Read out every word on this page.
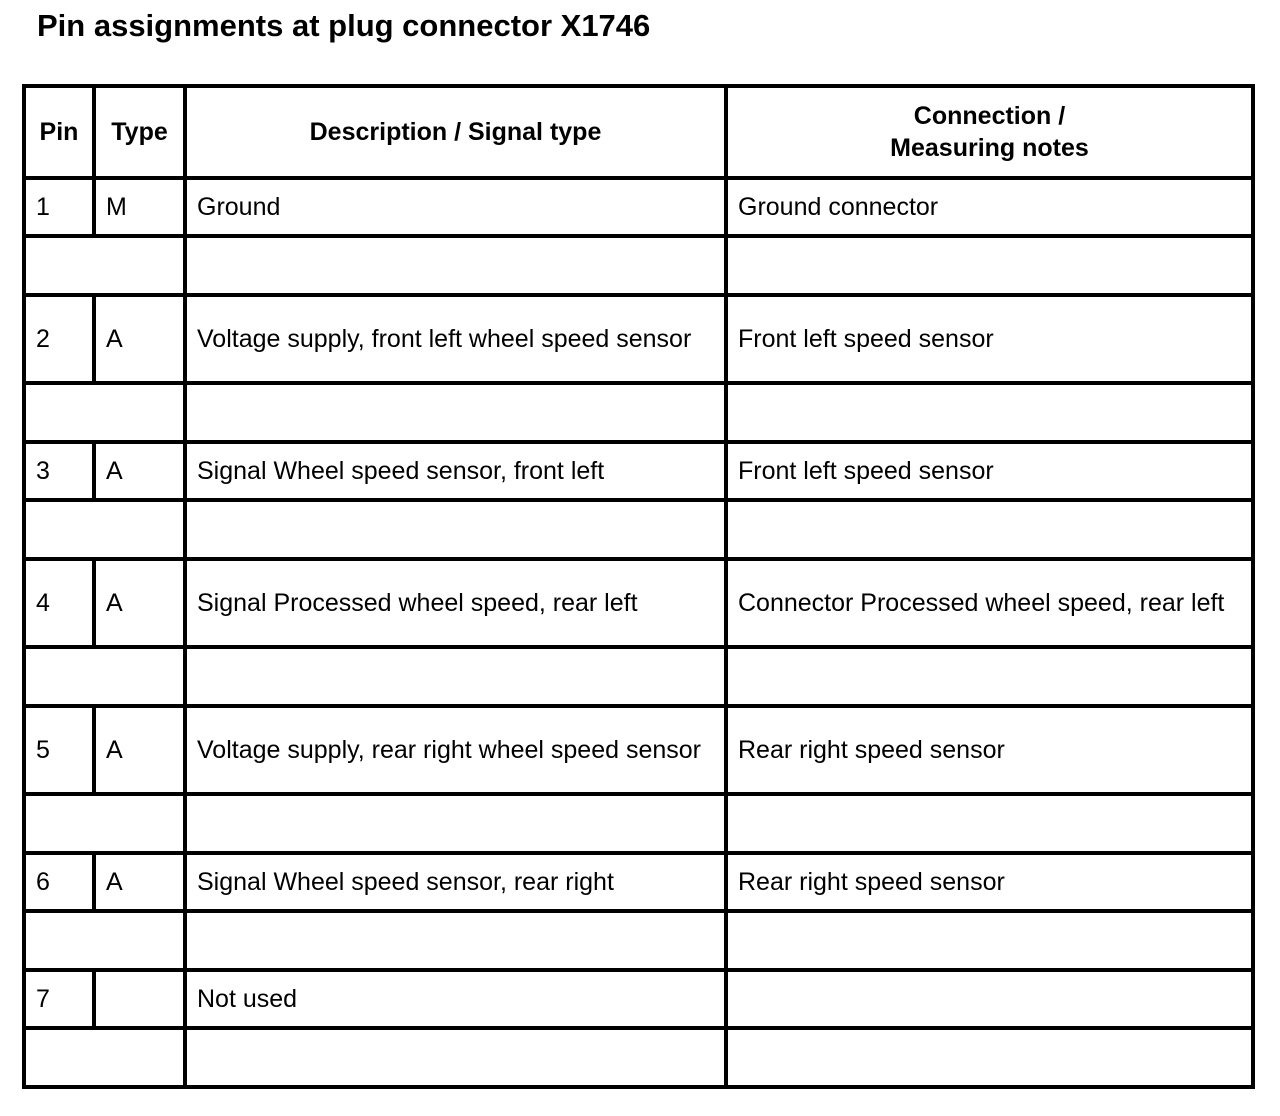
Pin assignments at plug connector X1746
Pin	Type	Description / Signal type	Connection /
Measuring notes
1	M	Ground	Ground connector

2	A	Voltage supply, front left wheel speed sensor	Front left speed sensor

3	A	Signal Wheel speed sensor, front left	Front left speed sensor

4	A	Signal Processed wheel speed, rear left	Connector Processed wheel speed, rear left

5	A	Voltage supply, rear right wheel speed sensor	Rear right speed sensor

6	A	Signal Wheel speed sensor, rear right	Rear right speed sensor

7		Not used	
